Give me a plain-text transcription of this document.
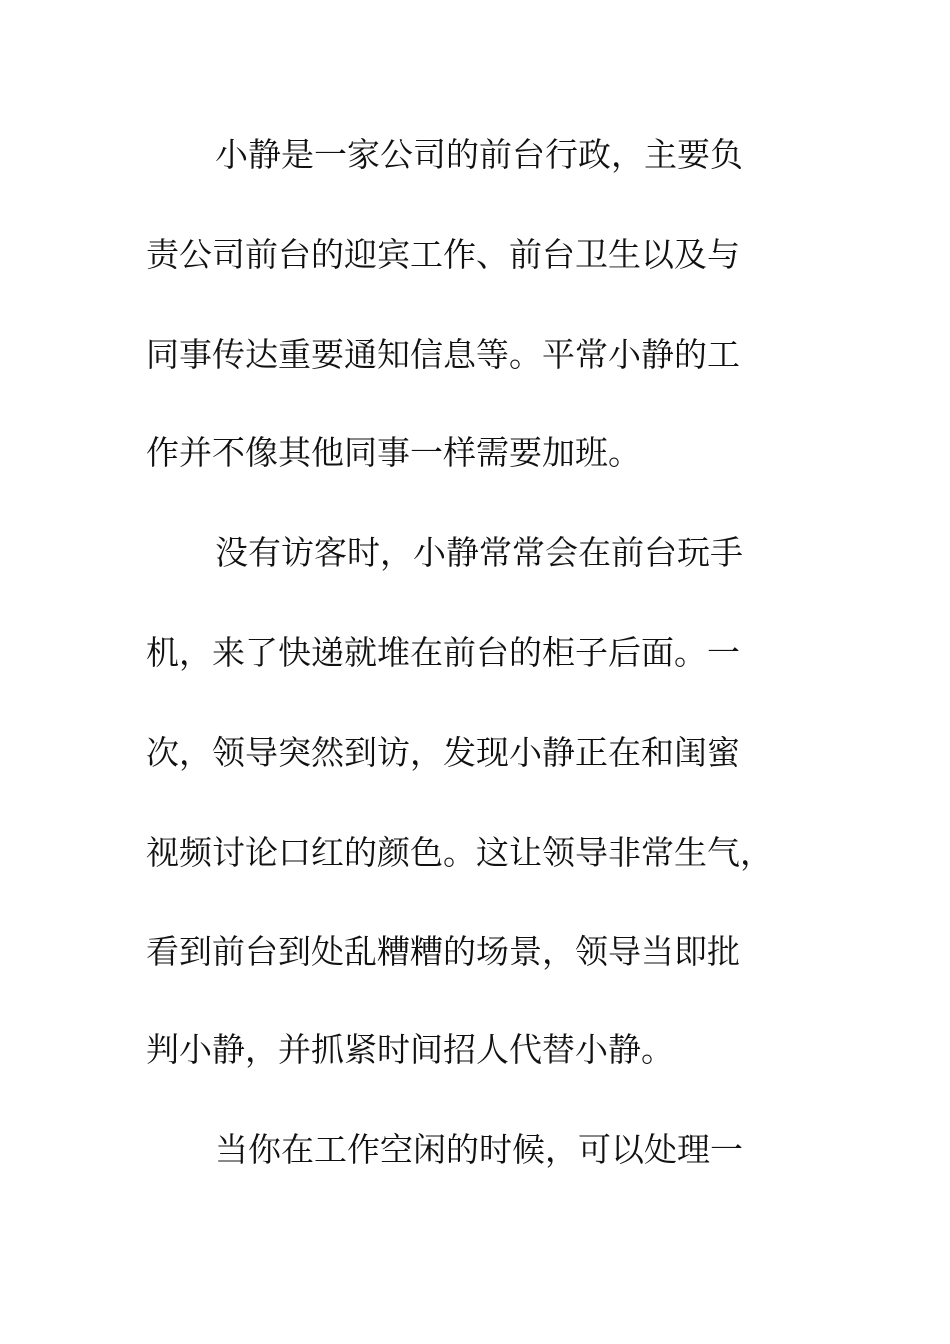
小静是一家公司的前台行政，主要负

责公司前台的迎宾工作、前台卫生以及与

同事传达重要通知信息等。平常小静的工

作并不像其他同事一样需要加班。

没有访客时，小静常常会在前台玩手

机，来了快递就堆在前台的柜子后面。一

次，领导突然到访，发现小静正在和闺蜜

视频讨论口红的颜色。这让领导非常生气，

看到前台到处乱糟糟的场景，领导当即批

判小静，并抓紧时间招人代替小静。

当你在工作空闲的时候，可以处理一
